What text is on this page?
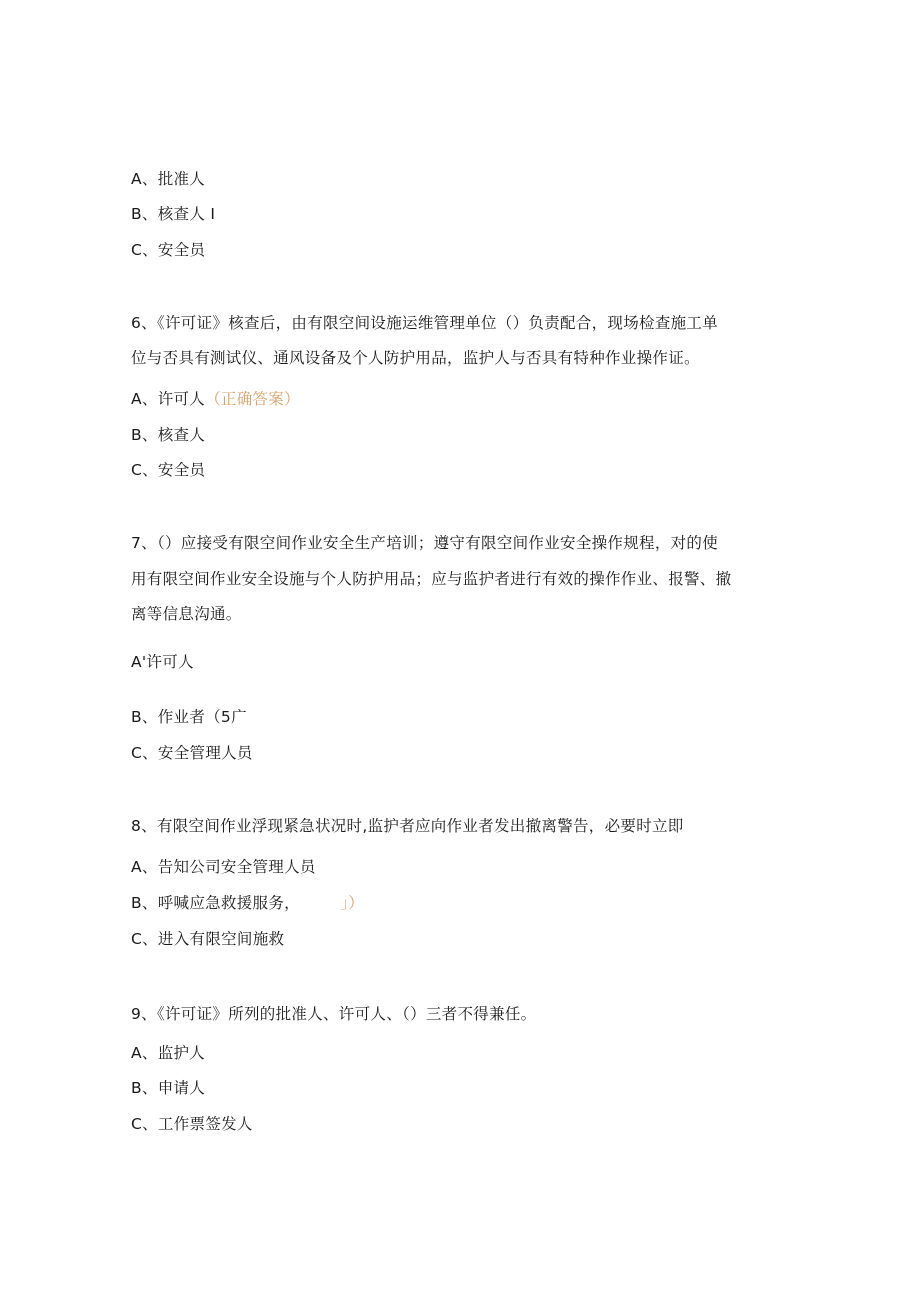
A、批准人
B、核查人 I
C、安全员
6、《许可证》核查后，由有限空间设施运维管理单位（）负责配合，现场检查施工单
位与否具有测试仪、通风设备及个人防护用品，监护人与否具有特种作业操作证。
A、许可人（正确答案）
B、核查人
C、安全员
7、（）应接受有限空间作业安全生产培训；遵守有限空间作业安全操作规程，对的使
用有限空间作业安全设施与个人防护用品；应与监护者进行有效的操作作业、报警、撤
离等信息沟通。
A'许可人
B、作业者（5广
C、安全管理人员
8、有限空间作业浮现紧急状况时,监护者应向作业者发出撤离警告，必要时立即
A、告知公司安全管理人员
B、呼喊应急救援服务，	」）
C、进入有限空间施救
9、《许可证》所列的批准人、许可人、（）三者不得兼任。
A、监护人
B、申请人
C、工作票签发人
